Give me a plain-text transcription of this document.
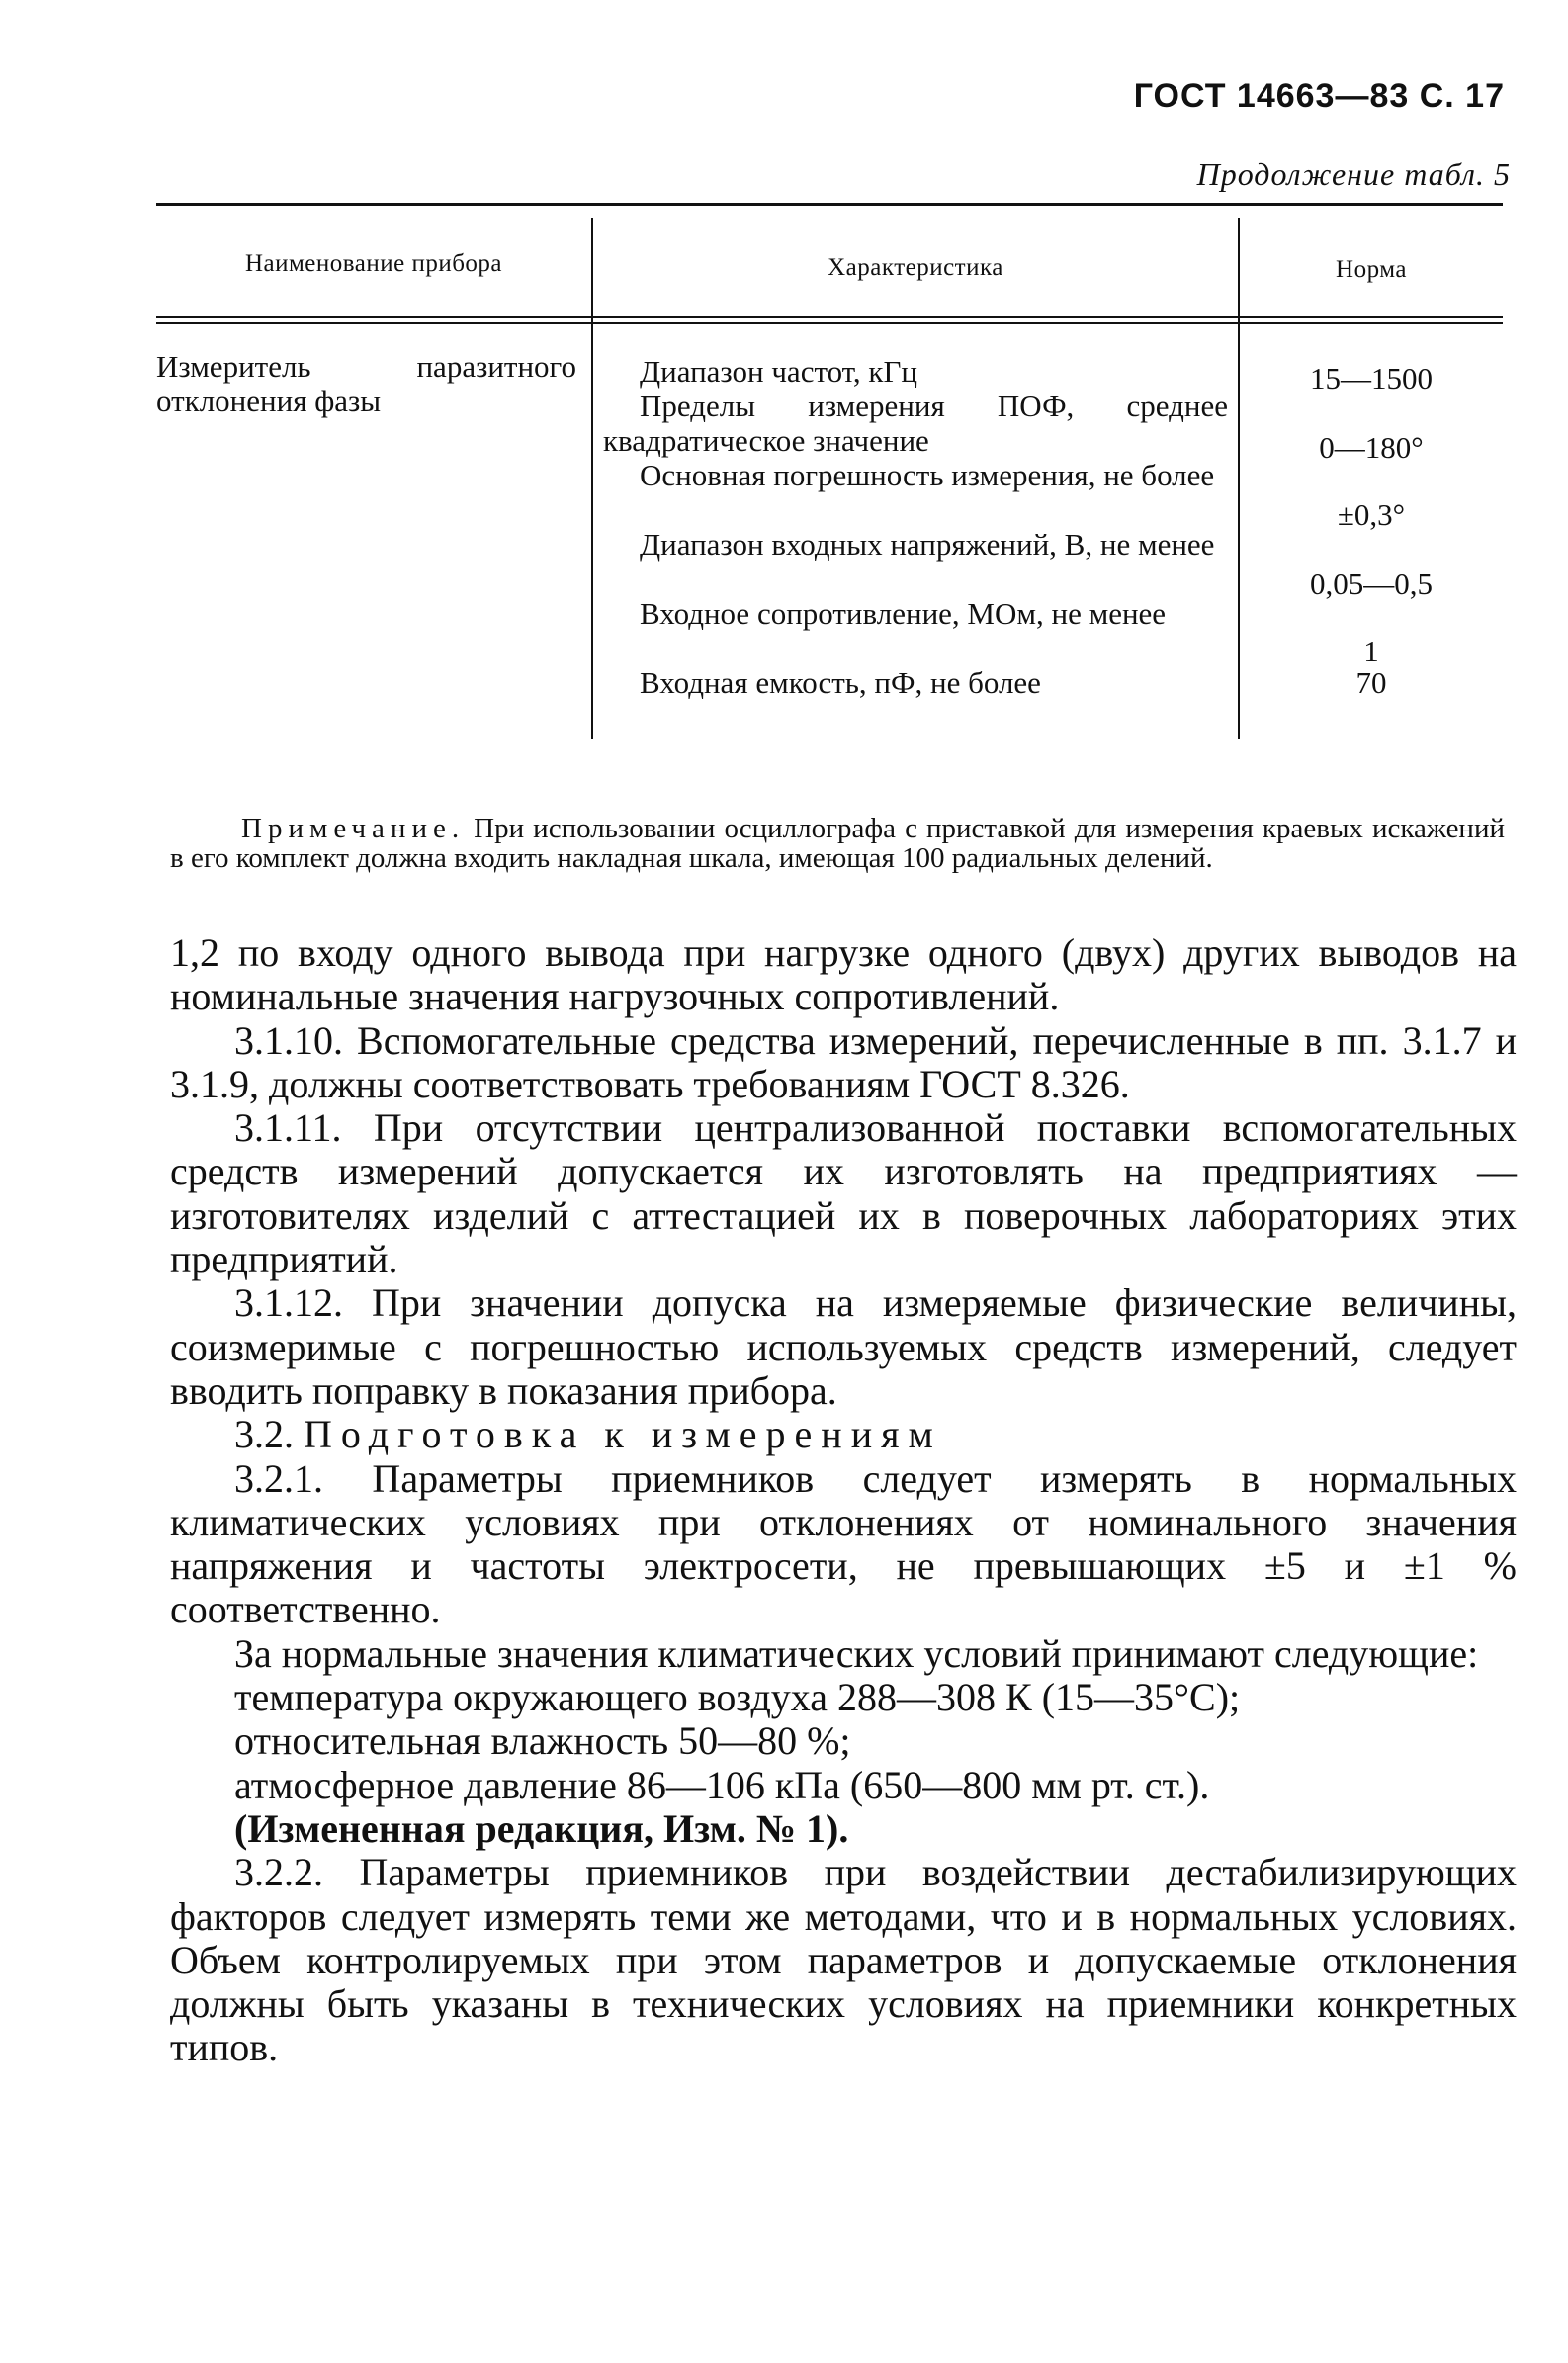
ГОСТ 14663—83 С. 17
Продолжение табл. 5
Наименование прибора	Характеристика	Норма
Измеритель паразитного отклонения фазы
Диапазон частот, кГц
Пределы измерения ПОФ, среднее квадратическое значение
Основная погрешность измерения, не более
Диапазон входных напряжений, В, не менее
Входное сопротивление, МОм, не менее
Входная емкость, пФ, не более
15—1500
0—180°
±0,3°
0,05—0,5
1
70
Примечание. При использовании осциллографа с приставкой для измерения краевых искажений в его комплект должна входить накладная шкала, имеющая 100 радиальных делений.

1,2 по входу одного вывода при нагрузке одного (двух) других выводов на номинальные значения нагрузочных сопротивлений.

3.1.10. Вспомогательные средства измерений, перечисленные в пп. 3.1.7 и 3.1.9, должны соответствовать требованиям ГОСТ 8.326.

3.1.11. При отсутствии централизованной поставки вспомогательных средств измерений допускается их изготовлять на предприятиях — изготовителях изделий с аттестацией их в поверочных лабораториях этих предприятий.

3.1.12. При значении допуска на измеряемые физические величины, соизмеримые с погрешностью используемых средств измерений, следует вводить поправку в показания прибора.

3.2. Подготовка к измерениям

3.2.1. Параметры приемников следует измерять в нормальных климатических условиях при отклонениях от номинального значения напряжения и частоты электросети, не превышающих ±5 и ±1 % соответственно.

За нормальные значения климатических условий принимают следующие:

температура окружающего воздуха 288—308 К (15—35°С);

относительная влажность 50—80 %;

атмосферное давление 86—106 кПа (650—800 мм рт. ст.).

(Измененная редакция, Изм. № 1).

3.2.2. Параметры приемников при воздействии дестабилизирующих факторов следует измерять теми же методами, что и в нормальных условиях. Объем контролируемых при этом параметров и допускаемые отклонения должны быть указаны в технических условиях на приемники конкретных типов.
